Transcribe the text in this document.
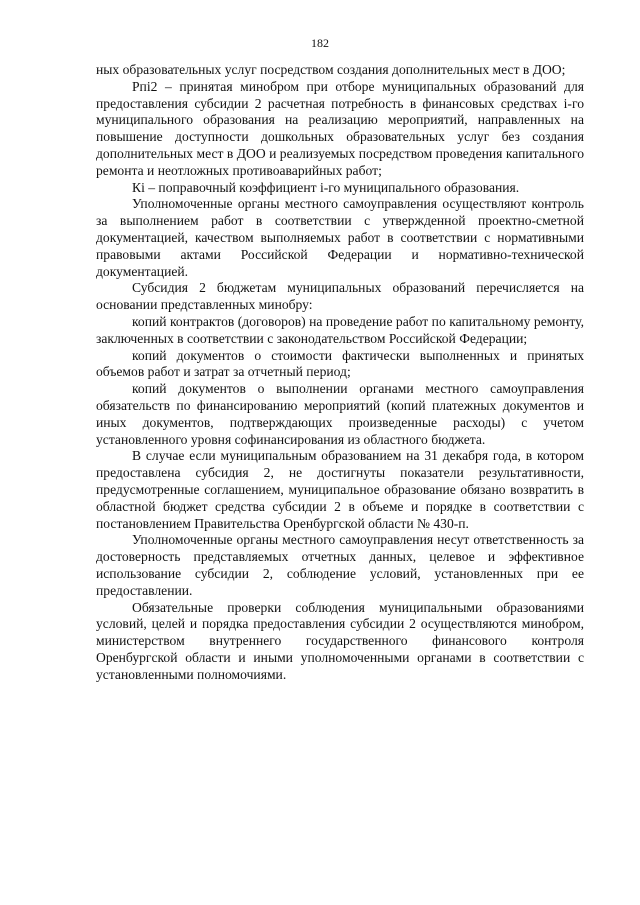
182

ных образовательных услуг посредством создания дополнительных мест в ДОО;

Рпi2 – принятая минобром при отборе муниципальных образований для предоставления субсидии 2 расчетная потребность в финансовых средствах i-го муниципального образования на реализацию мероприятий, направленных на повышение доступности дошкольных образовательных услуг без создания дополнительных мест в ДОО и реализуемых посредством проведения капитального ремонта и неотложных противоаварийных работ;

Кi – поправочный коэффициент i-го муниципального образования.

Уполномоченные органы местного самоуправления осуществляют контроль за выполнением работ в соответствии с утвержденной проектно-сметной документацией, качеством выполняемых работ в соответствии с нормативными правовыми актами Российской Федерации и нормативно-технической документацией.

Субсидия 2 бюджетам муниципальных образований перечисляется на основании представленных минобру:

копий контрактов (договоров) на проведение работ по капитальному ремонту, заключенных в соответствии с законодательством Российской Федерации;

копий документов о стоимости фактически выполненных и принятых объемов работ и затрат за отчетный период;

копий документов о выполнении органами местного самоуправления обязательств по финансированию мероприятий (копий платежных документов и иных документов, подтверждающих произведенные расходы) с учетом установленного уровня софинансирования из областного бюджета.

В случае если муниципальным образованием на 31 декабря года, в котором предоставлена субсидия 2, не достигнуты показатели результативности, предусмотренные соглашением, муниципальное образование обязано возвратить в областной бюджет средства субсидии 2 в объеме и порядке в соответствии с постановлением Правительства Оренбургской области № 430-п.

Уполномоченные органы местного самоуправления несут ответственность за достоверность представляемых отчетных данных, целевое и эффективное использование субсидии 2, соблюдение условий, установленных при ее предоставлении.

Обязательные проверки соблюдения муниципальными образованиями условий, целей и порядка предоставления субсидии 2 осуществляются минобром, министерством внутреннего государственного финансового контроля Оренбургской области и иными уполномоченными органами в соответствии с установленными полномочиями.
